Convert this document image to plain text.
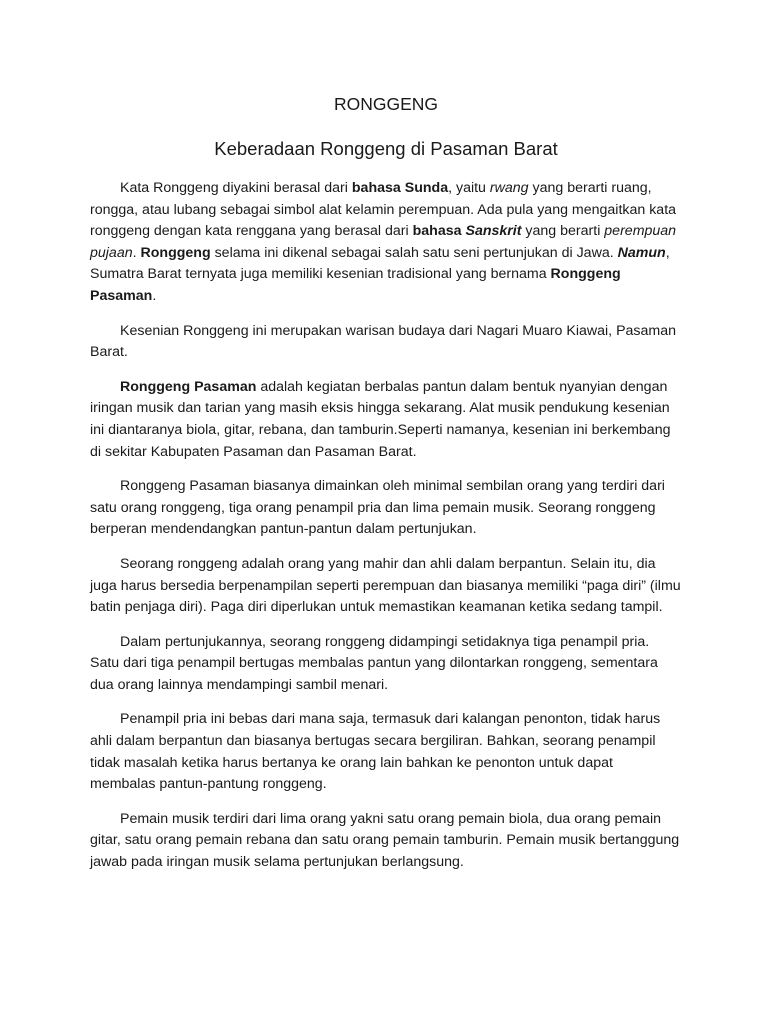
RONGGENG
Keberadaan Ronggeng di Pasaman Barat

Kata Ronggeng diyakini berasal dari bahasa Sunda, yaitu rwang yang berarti ruang, rongga, atau lubang sebagai simbol alat kelamin perempuan. Ada pula yang mengaitkan kata ronggeng dengan kata renggana yang berasal dari bahasa Sanskrit yang berarti perempuan pujaan. Ronggeng selama ini dikenal sebagai salah satu seni pertunjukan di Jawa. Namun, Sumatra Barat ternyata juga memiliki kesenian tradisional yang bernama Ronggeng Pasaman.

Kesenian Ronggeng ini merupakan warisan budaya dari Nagari Muaro Kiawai, Pasaman Barat.

Ronggeng Pasaman adalah kegiatan berbalas pantun dalam bentuk nyanyian dengan iringan musik dan tarian yang masih eksis hingga sekarang. Alat musik pendukung kesenian ini diantaranya biola, gitar, rebana, dan tamburin.Seperti namanya, kesenian ini berkembang di sekitar Kabupaten Pasaman dan Pasaman Barat.

Ronggeng Pasaman biasanya dimainkan oleh minimal sembilan orang yang terdiri dari satu orang ronggeng, tiga orang penampil pria dan lima pemain musik. Seorang ronggeng berperan mendendangkan pantun-pantun dalam pertunjukan.

Seorang ronggeng adalah orang yang mahir dan ahli dalam berpantun. Selain itu, dia juga harus bersedia berpenampilan seperti perempuan dan biasanya memiliki “paga diri” (ilmu batin penjaga diri). Paga diri diperlukan untuk memastikan keamanan ketika sedang tampil.

Dalam pertunjukannya, seorang ronggeng didampingi setidaknya tiga penampil pria. Satu dari tiga penampil bertugas membalas pantun yang dilontarkan ronggeng, sementara dua orang lainnya mendampingi sambil menari.

Penampil pria ini bebas dari mana saja, termasuk dari kalangan penonton, tidak harus ahli dalam berpantun dan biasanya bertugas secara bergiliran. Bahkan, seorang penampil tidak masalah ketika harus bertanya ke orang lain bahkan ke penonton untuk dapat membalas pantun-pantung ronggeng.

Pemain musik terdiri dari lima orang yakni satu orang pemain biola, dua orang pemain gitar, satu orang pemain rebana dan satu orang pemain tamburin. Pemain musik bertanggung jawab pada iringan musik selama pertunjukan berlangsung.
